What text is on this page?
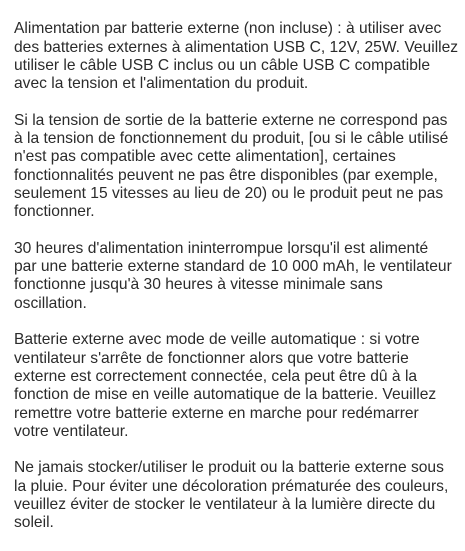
Alimentation par batterie externe (non incluse) : à utiliser avec
des batteries externes à alimentation USB C, 12V, 25W. Veuillez
utiliser le câble USB C inclus ou un câble USB C compatible
avec la tension et l'alimentation du produit.

Si la tension de sortie de la batterie externe ne correspond pas
à la tension de fonctionnement du produit, [ou si le câble utilisé
n'est pas compatible avec cette alimentation], certaines
fonctionnalités peuvent ne pas être disponibles (par exemple,
seulement 15 vitesses au lieu de 20) ou le produit peut ne pas
fonctionner.

30 heures d'alimentation ininterrompue lorsqu'il est alimenté
par une batterie externe standard de 10 000 mAh, le ventilateur
fonctionne jusqu'à 30 heures à vitesse minimale sans
oscillation.

Batterie externe avec mode de veille automatique : si votre
ventilateur s'arrête de fonctionner alors que votre batterie
externe est correctement connectée, cela peut être dû à la
fonction de mise en veille automatique de la batterie. Veuillez
remettre votre batterie externe en marche pour redémarrer
votre ventilateur.

Ne jamais stocker/utiliser le produit ou la batterie externe sous
la pluie. Pour éviter une décoloration prématurée des couleurs,
veuillez éviter de stocker le ventilateur à la lumière directe du
soleil.
